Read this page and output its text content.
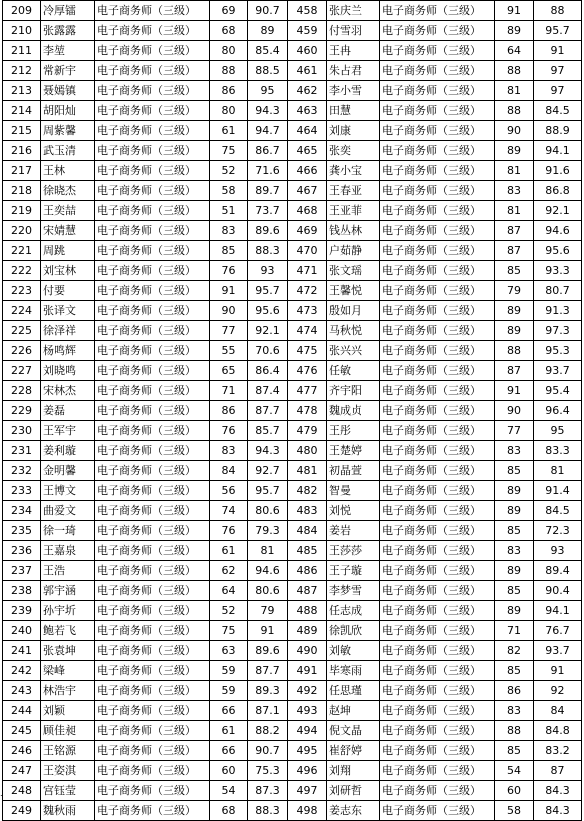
209	冷厚镭	电子商务师（三级）	69	90.7	458	张庆兰	电子商务师（三级）	91	88
210	张露露	电子商务师（三级）	68	89	459	付雪羽	电子商务师（三级）	89	95.7
211	李堃	电子商务师（三级）	80	85.4	460	王冉	电子商务师（三级）	64	91
212	常新宇	电子商务师（三级）	88	88.5	461	朱占君	电子商务师（三级）	88	97
213	聂嫣镇	电子商务师（三级）	86	95	462	李小雪	电子商务师（三级）	81	97
214	胡阳灿	电子商务师（三级）	80	94.3	463	田慧	电子商务师（三级）	88	84.5
215	周紫馨	电子商务师（三级）	61	94.7	464	刘康	电子商务师（三级）	90	88.9
216	武玉清	电子商务师（三级）	75	86.7	465	张奕	电子商务师（三级）	89	94.1
217	王林	电子商务师（三级）	52	71.6	466	龚小宝	电子商务师（三级）	81	91.6
218	徐晓杰	电子商务师（三级）	58	89.7	467	王春亚	电子商务师（三级）	83	86.8
219	王奕喆	电子商务师（三级）	51	73.7	468	王亚菲	电子商务师（三级）	81	92.1
220	宋婧慧	电子商务师（三级）	83	89.6	469	钱丛林	电子商务师（三级）	87	94.6
221	周跳	电子商务师（三级）	85	88.3	470	户茹静	电子商务师（三级）	87	95.6
222	刘宝林	电子商务师（三级）	76	93	471	张文瑶	电子商务师（三级）	85	93.3
223	付要	电子商务师（三级）	91	95.7	472	王馨悦	电子商务师（三级）	79	80.7
224	张译文	电子商务师（三级）	90	95.6	473	殷如月	电子商务师（三级）	89	91.3
225	徐泽祥	电子商务师（三级）	77	92.1	474	马秋悦	电子商务师（三级）	89	97.3
226	杨鸣辉	电子商务师（三级）	55	70.6	475	张兴兴	电子商务师（三级）	88	95.3
227	刘晓鸣	电子商务师（三级）	65	86.4	476	任敏	电子商务师（三级）	87	93.7
228	宋林杰	电子商务师（三级）	71	87.4	477	齐宇阳	电子商务师（三级）	91	95.4
229	姜磊	电子商务师（三级）	86	87.7	478	魏成贞	电子商务师（三级）	90	96.4
230	王军宇	电子商务师（三级）	76	85.7	479	王彤	电子商务师（三级）	77	95
231	姜利璇	电子商务师（三级）	83	94.3	480	王楚婷	电子商务师（三级）	83	83.3
232	金明馨	电子商务师（三级）	84	92.7	481	初晶萱	电子商务师（三级）	85	81
233	王博文	电子商务师（三级）	56	95.7	482	智曼	电子商务师（三级）	89	91.4
234	曲爱文	电子商务师（三级）	74	80.6	483	刘悦	电子商务师（三级）	89	84.5
235	徐一琦	电子商务师（三级）	76	79.3	484	姜岩	电子商务师（三级）	85	72.3
236	王嘉泉	电子商务师（三级）	61	81	485	王莎莎	电子商务师（三级）	83	93
237	王浩	电子商务师（三级）	62	94.6	486	王子璇	电子商务师（三级）	89	89.4
238	郭宇涵	电子商务师（三级）	64	80.6	487	李梦雪	电子商务师（三级）	85	90.4
239	孙宇圻	电子商务师（三级）	52	79	488	任志成	电子商务师（三级）	89	94.1
240	鲍若飞	电子商务师（三级）	75	91	489	徐凯欣	电子商务师（三级）	71	76.7
241	张袁坤	电子商务师（三级）	63	89.6	490	刘敏	电子商务师（三级）	82	93.7
242	梁峰	电子商务师（三级）	59	87.7	491	毕寒雨	电子商务师（三级）	85	91
243	林浩宇	电子商务师（三级）	59	89.3	492	任思瑾	电子商务师（三级）	86	92
244	刘颖	电子商务师（三级）	66	87.1	493	赵坤	电子商务师（三级）	83	84
245	顾佳昶	电子商务师（三级）	61	88.2	494	倪文晶	电子商务师（三级）	88	84.8
246	王铭源	电子商务师（三级）	66	90.7	495	崔舒婷	电子商务师（三级）	85	83.2
247	王姿淇	电子商务师（三级）	60	75.3	496	刘翔	电子商务师（三级）	54	87
248	宫钰莹	电子商务师（三级）	54	87.3	497	刘研哲	电子商务师（三级）	60	84.3
249	魏秋雨	电子商务师（三级）	68	88.3	498	姜志东	电子商务师（三级）	58	84.3
.
